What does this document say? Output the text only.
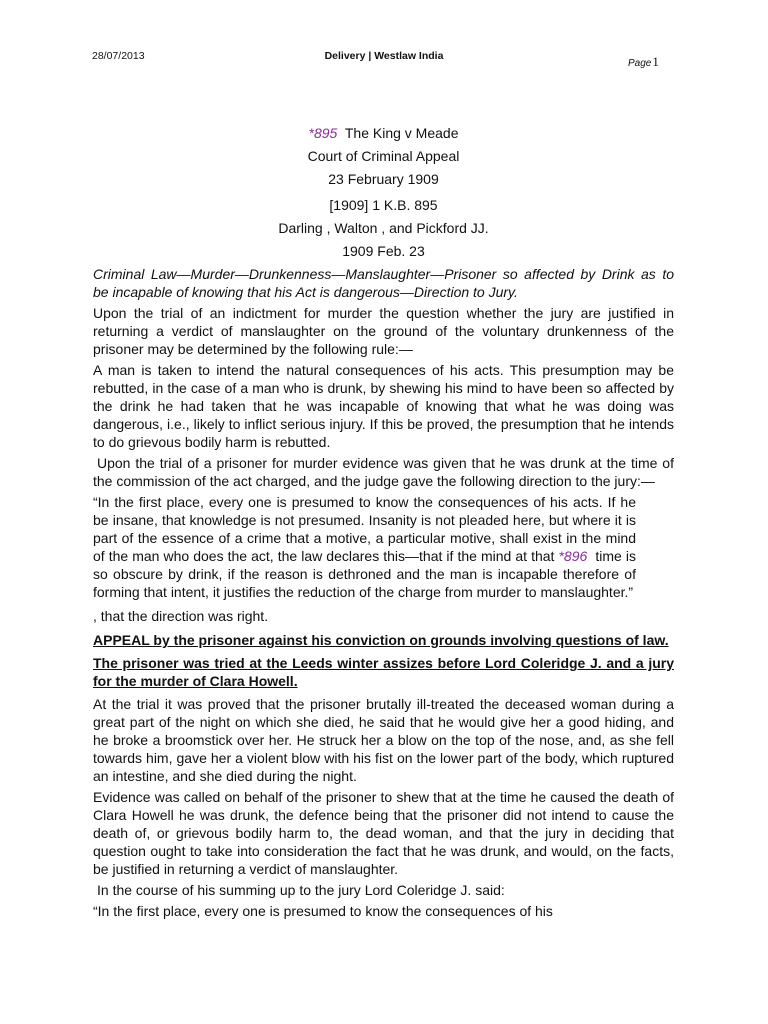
28/07/2013	Delivery | Westlaw India
Page1
*895 The King v Meade
Court of Criminal Appeal
23 February 1909
[1909] 1 K.B. 895
Darling , Walton , and Pickford JJ.
1909 Feb. 23

Criminal Law—Murder—Drunkenness—Manslaughter—Prisoner so affected by Drink as to be incapable of knowing that his Act is dangerous—Direction to Jury.

Upon the trial of an indictment for murder the question whether the jury are justified in returning a verdict of manslaughter on the ground of the voluntary drunkenness of the prisoner may be determined by the following rule:—

A man is taken to intend the natural consequences of his acts. This presumption may be rebutted, in the case of a man who is drunk, by shewing his mind to have been so affected by the drink he had taken that he was incapable of knowing that what he was doing was dangerous, i.e., likely to inflict serious injury. If this be proved, the presumption that he intends to do grievous bodily harm is rebutted.

Upon the trial of a prisoner for murder evidence was given that he was drunk at the time of the commission of the act charged, and the judge gave the following direction to the jury:—

“In the first place, every one is presumed to know the consequences of his acts. If he be insane, that knowledge is not presumed. Insanity is not pleaded here, but where it is part of the essence of a crime that a motive, a particular motive, shall exist in the mind of the man who does the act, the law declares this—that if the mind at that *896 time is so obscure by drink, if the reason is dethroned and the man is incapable therefore of forming that intent, it justifies the reduction of the charge from murder to manslaughter.”

, that the direction was right.

APPEAL by the prisoner against his conviction on grounds involving questions of law.

The prisoner was tried at the Leeds winter assizes before Lord Coleridge J. and a jury for the murder of Clara Howell.

At the trial it was proved that the prisoner brutally ill-treated the deceased woman during a great part of the night on which she died, he said that he would give her a good hiding, and he broke a broomstick over her. He struck her a blow on the top of the nose, and, as she fell towards him, gave her a violent blow with his fist on the lower part of the body, which ruptured an intestine, and she died during the night.

Evidence was called on behalf of the prisoner to shew that at the time he caused the death of Clara Howell he was drunk, the defence being that the prisoner did not intend to cause the death of, or grievous bodily harm to, the dead woman, and that the jury in deciding that question ought to take into consideration the fact that he was drunk, and would, on the facts, be justified in returning a verdict of manslaughter.

In the course of his summing up to the jury Lord Coleridge J. said:

“In the first place, every one is presumed to know the consequences of his
